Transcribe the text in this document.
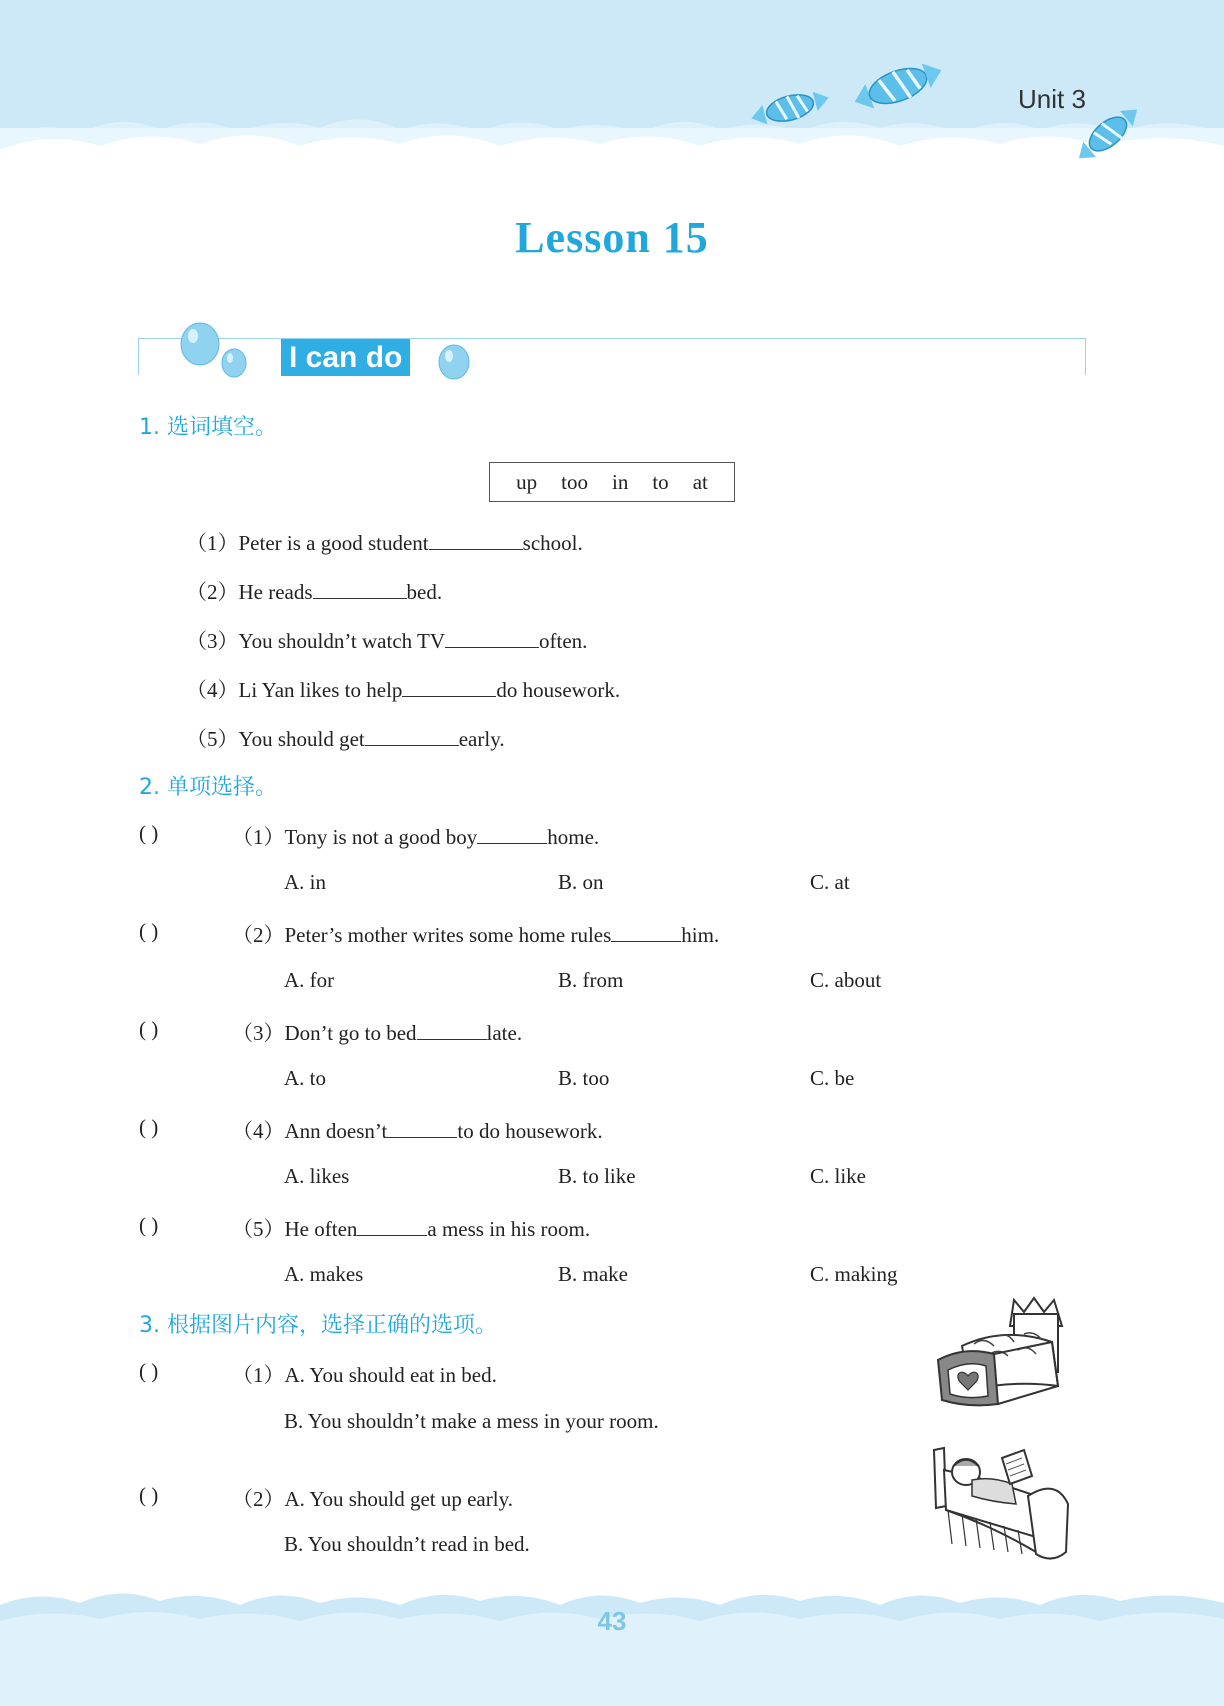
Unit 3
Lesson 15
I can do
1. 选词填空。
up too in to at
（1）Peter is a good student	school.
（2）He reads	bed.
（3）You shouldn’t watch TV	often.
（4）Li Yan likes to help	do housework.
（5）You should get	early.
2. 单项选择。
( )	（1）Tony is not a good boy	home.
A. in	B. on	C. at
( )	（2）Peter’s mother writes some home rules	him.
A. for	B. from	C. about
( )	（3）Don’t go to bed	late.
A. to	B. too	C. be
( )	（4）Ann doesn’t	to do housework.
A. likes	B. to like	C. like
( )	（5）He often	a mess in his room.
A. makes	B. make	C. making
3. 根据图片内容，选择正确的选项。
( )	（1）A. You should eat in bed.
B. You shouldn’t make a mess in your room.
( )	（2）A. You should get up early.
B. You shouldn’t read in bed.
43
